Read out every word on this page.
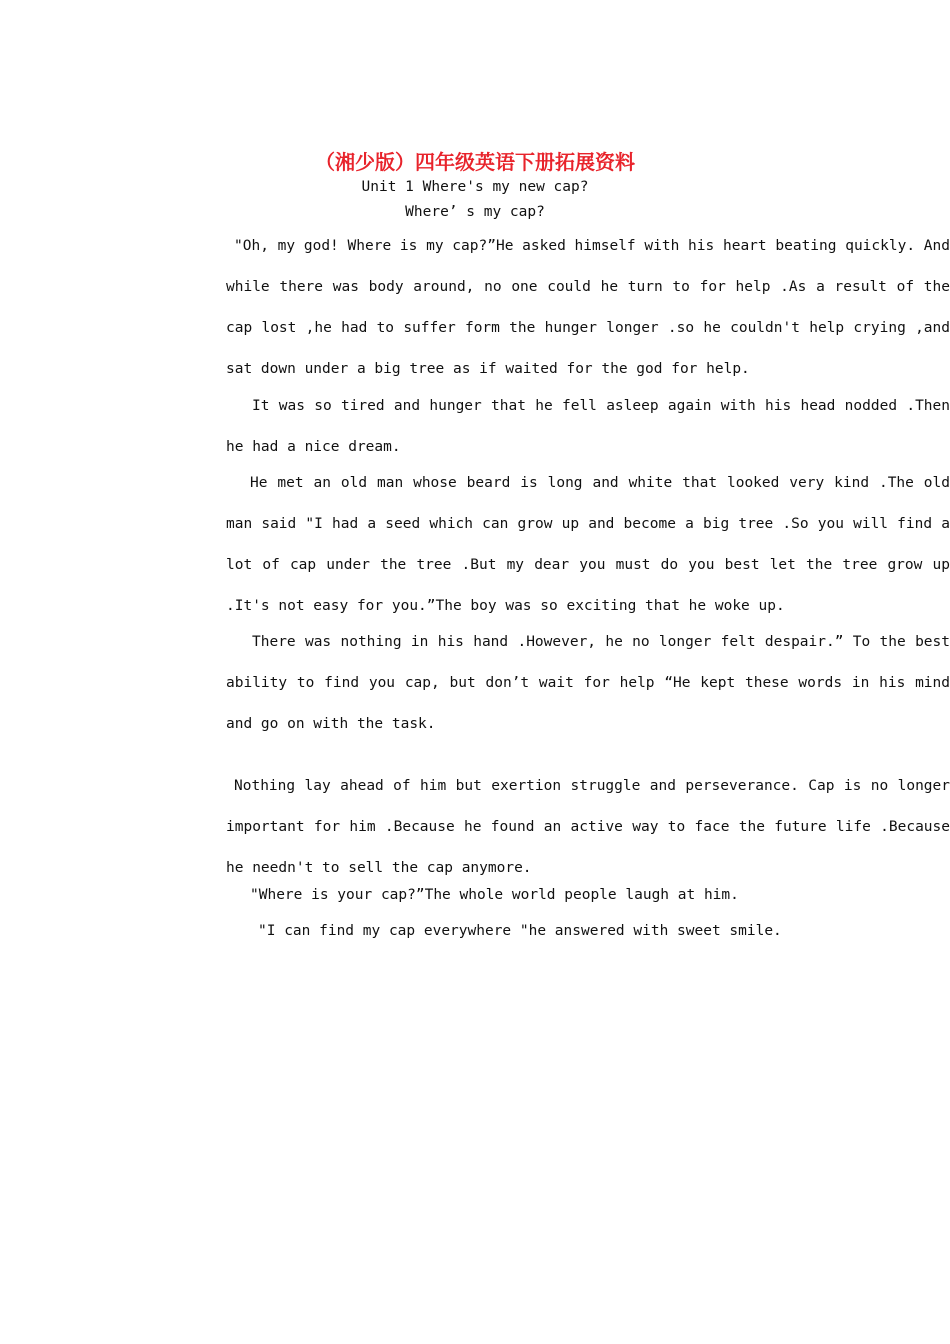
（湘少版）四年级英语下册拓展资料

Unit 1 Where's my new cap?

Where’ s my cap?

"Oh, my god! Where is my cap?”He asked himself with his heart beating quickly. And while there was body around, no one could he turn to for help .As a result of the cap lost ,he had to suffer form the hunger longer .so he couldn't help crying ,and sat down under a big tree as if waited for the god for help.

It was so tired and hunger that he fell asleep again with his head nodded .Then he had a nice dream.

He met an old man whose beard is long and white that looked very kind .The old man said "I had a seed which can grow up and become a big tree .So you will find a lot of cap under the tree .But my dear you must do you best let the tree grow up .It's not easy for you.”The boy was so exciting that he woke up.

There was nothing in his hand .However, he no longer felt despair.” To the best ability to find you cap, but don’t wait for help “He kept these words in his mind and go on with the task.

Nothing lay ahead of him but exertion struggle and perseverance. Cap is no longer important for him .Because he found an active way to face the future life .Because he needn't to sell the cap anymore.

"Where is your cap?”The whole world people laugh at him.

"I can find my cap everywhere "he answered with sweet smile.
